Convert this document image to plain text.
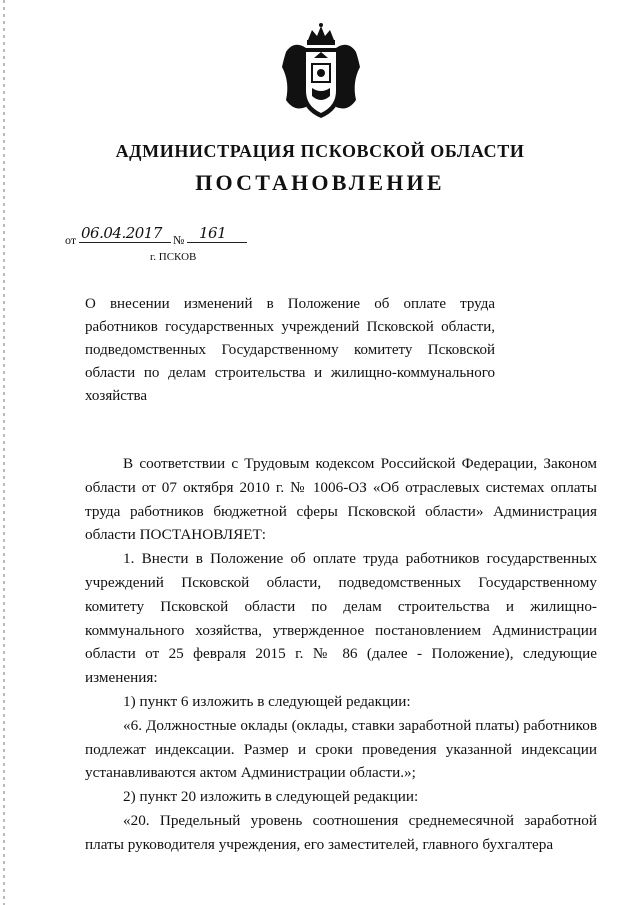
АДМИНИСТРАЦИЯ ПСКОВСКОЙ ОБЛАСТИ
ПОСТАНОВЛЕНИЕ
от 06.04.2017 № 161
г. ПСКОВ
О внесении изменений в Положение об оплате труда работников государственных учреждений Псковской области, подведомственных Государственному комитету Псковской области по делам строительства и жилищно-коммунального хозяйства

В соответствии с Трудовым кодексом Российской Федерации, Законом области от 07 октября 2010 г. № 1006-ОЗ «Об отраслевых системах оплаты труда работников бюджетной сферы Псковской области» Администрация области ПОСТАНОВЛЯЕТ:

1. Внести в Положение об оплате труда работников государственных учреждений Псковской области, подведомственных Государственному комитету Псковской области по делам строительства и жилищно-коммунального хозяйства, утвержденное постановлением Администрации области от 25 февраля 2015 г. № 86 (далее - Положение), следующие изменения:

1) пункт 6 изложить в следующей редакции:

«6. Должностные оклады (оклады, ставки заработной платы) работников подлежат индексации. Размер и сроки проведения указанной индексации устанавливаются актом Администрации области.»;

2) пункт 20 изложить в следующей редакции:

«20. Предельный уровень соотношения среднемесячной заработной платы руководителя учреждения, его заместителей, главного бухгалтера
